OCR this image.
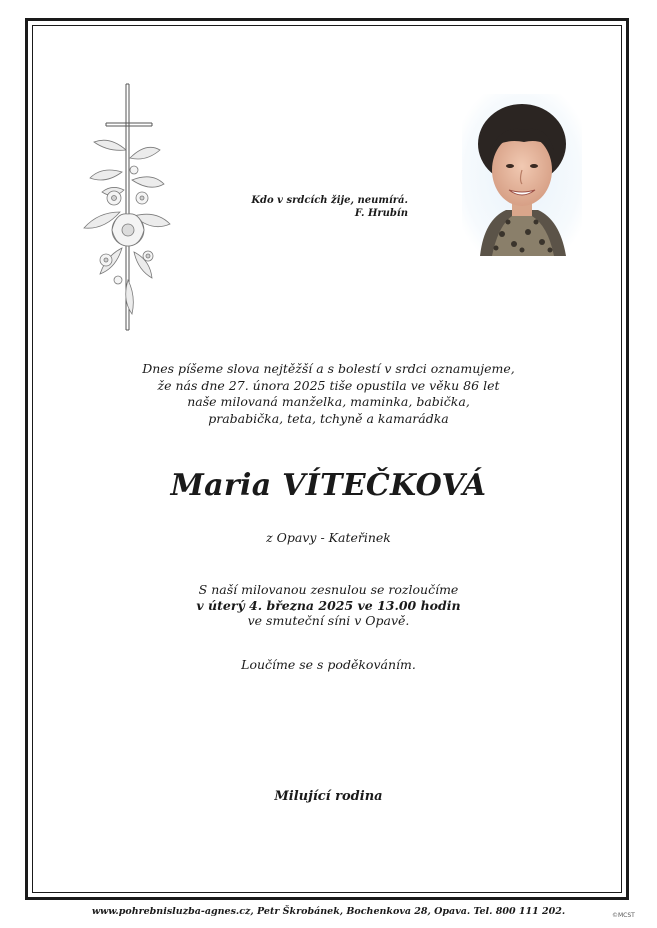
Kdo v srdcích žije, neumírá.
F. Hrubín
Dnes píšeme slova nejtěžší a s bolestí v srdci oznamujeme,
že nás dne 27. února 2025 tiše opustila ve věku 86 let
naše milovaná manželka, maminka, babička,
prababička, teta, tchyně a kamarádka
Maria VÍTEČKOVÁ
z Opavy - Kateřinek
S naší milovanou zesnulou se rozloučíme
v úterý 4. března 2025 ve 13.00 hodin
ve smuteční síni v Opavě.
Loučíme se s poděkováním.
Milující rodina
www.pohrebnisluzba-agnes.cz, Petr Škrobánek, Bochenkova 28, Opava. Tel. 800 111 202.	©MCST
